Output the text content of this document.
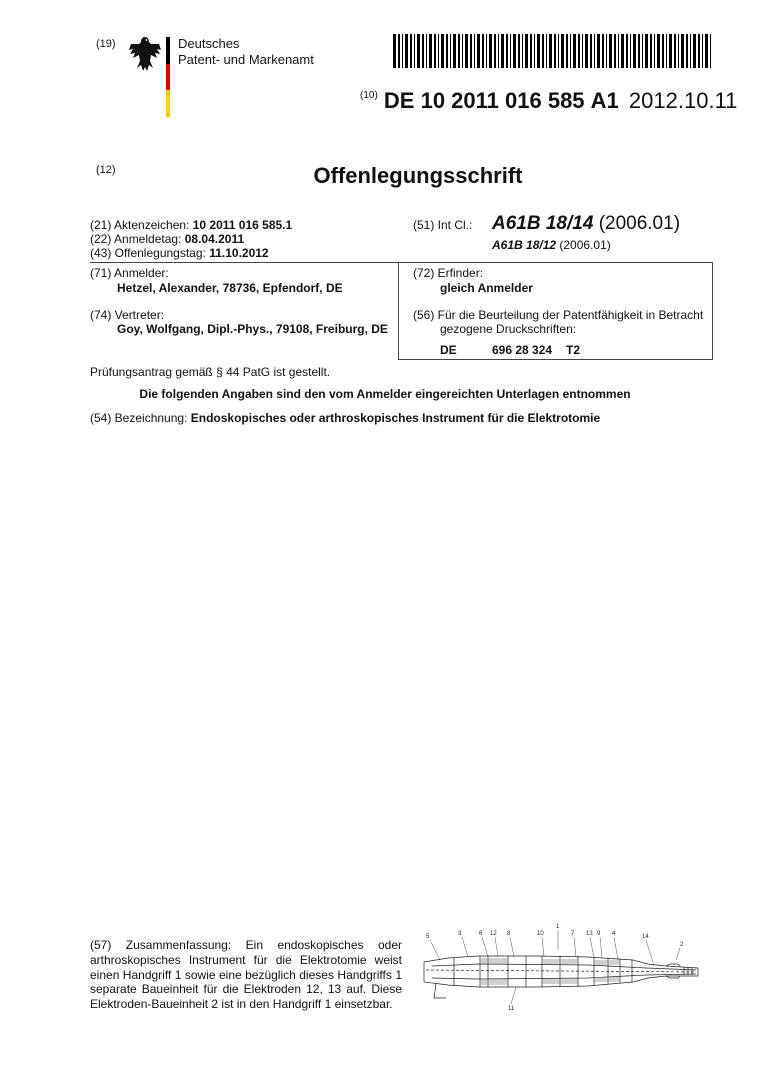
(19)	Deutsches
Patent- und Markenamt
$^{(10)}$ DE 10 2011 016 585 A1 2012.10.11
(12)	Offenlegungsschrift
(21) Aktenzeichen: 10 2011 016 585.1
(22) Anmeldetag: 08.04.2011
(43) Offenlegungstag: 11.10.2012
(51) Int Cl.: A61B 18/14 (2006.01)
A61B 18/12 (2006.01)
(71) Anmelder:
Hetzel, Alexander, 78736, Epfendorf, DE
(74) Vertreter:
Goy, Wolfgang, Dipl.-Phys., 79108, Freiburg, DE
(72) Erfinder:
gleich Anmelder
(56) Für die Beurteilung der Patentfähigkeit in Betracht
gezogene Druckschriften:
DE	696 28 324 T2
Prüfungsantrag gemäß § 44 PatG ist gestellt.
Die folgenden Angaben sind den vom Anmelder eingereichten Unterlagen entnommen
(54) Bezeichnung: Endoskopisches oder arthroskopisches Instrument für die Elektrotomie
(57) Zusammenfassung: Ein endoskopisches oder arthroskopisches Instrument für die Elektrotomie weist einen Handgriff 1 sowie eine bezüglich dieses Handgriffs 1 separate Baueinheit für die Elektroden 12, 13 auf. Diese Elektroden-Baueinheit 2 ist in den Handgriff 1 einsetzbar.
5	3	6 12 8	10
1
7 13 9 4	14
2
11
